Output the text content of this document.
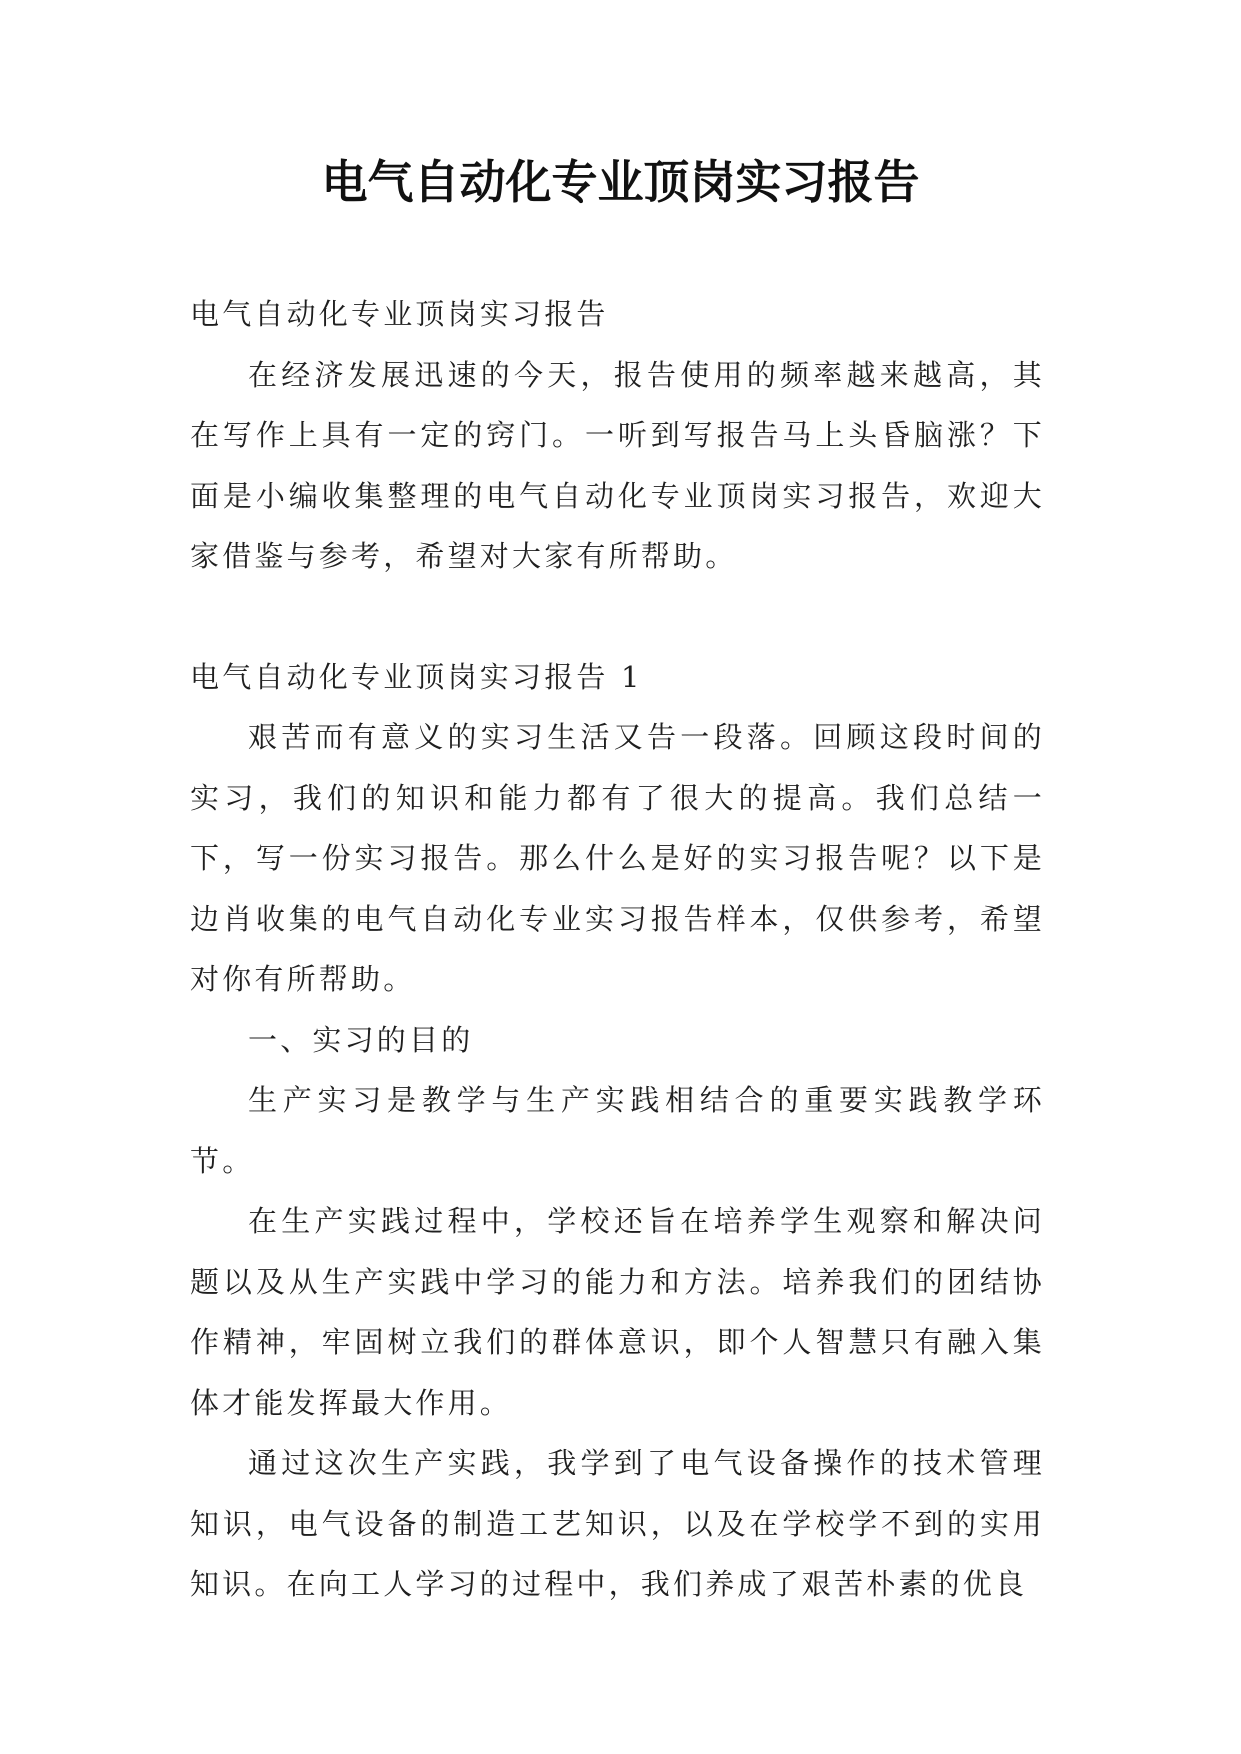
电气自动化专业顶岗实习报告

电气自动化专业顶岗实习报告

在经济发展迅速的今天，报告使用的频率越来越高，其在写作上具有一定的窍门。一听到写报告马上头昏脑涨？下面是小编收集整理的电气自动化专业顶岗实习报告，欢迎大家借鉴与参考，希望对大家有所帮助。

电气自动化专业顶岗实习报告 1

艰苦而有意义的实习生活又告一段落。回顾这段时间的实习，我们的知识和能力都有了很大的提高。我们总结一下，写一份实习报告。那么什么是好的实习报告呢？以下是边肖收集的电气自动化专业实习报告样本，仅供参考，希望对你有所帮助。

一、实习的目的

生产实习是教学与生产实践相结合的重要实践教学环节。

在生产实践过程中，学校还旨在培养学生观察和解决问题以及从生产实践中学习的能力和方法。培养我们的团结协作精神，牢固树立我们的群体意识，即个人智慧只有融入集体才能发挥最大作用。

通过这次生产实践，我学到了电气设备操作的技术管理知识，电气设备的制造工艺知识，以及在学校学不到的实用知识。在向工人学习的过程中，我们养成了艰苦朴素的优良
